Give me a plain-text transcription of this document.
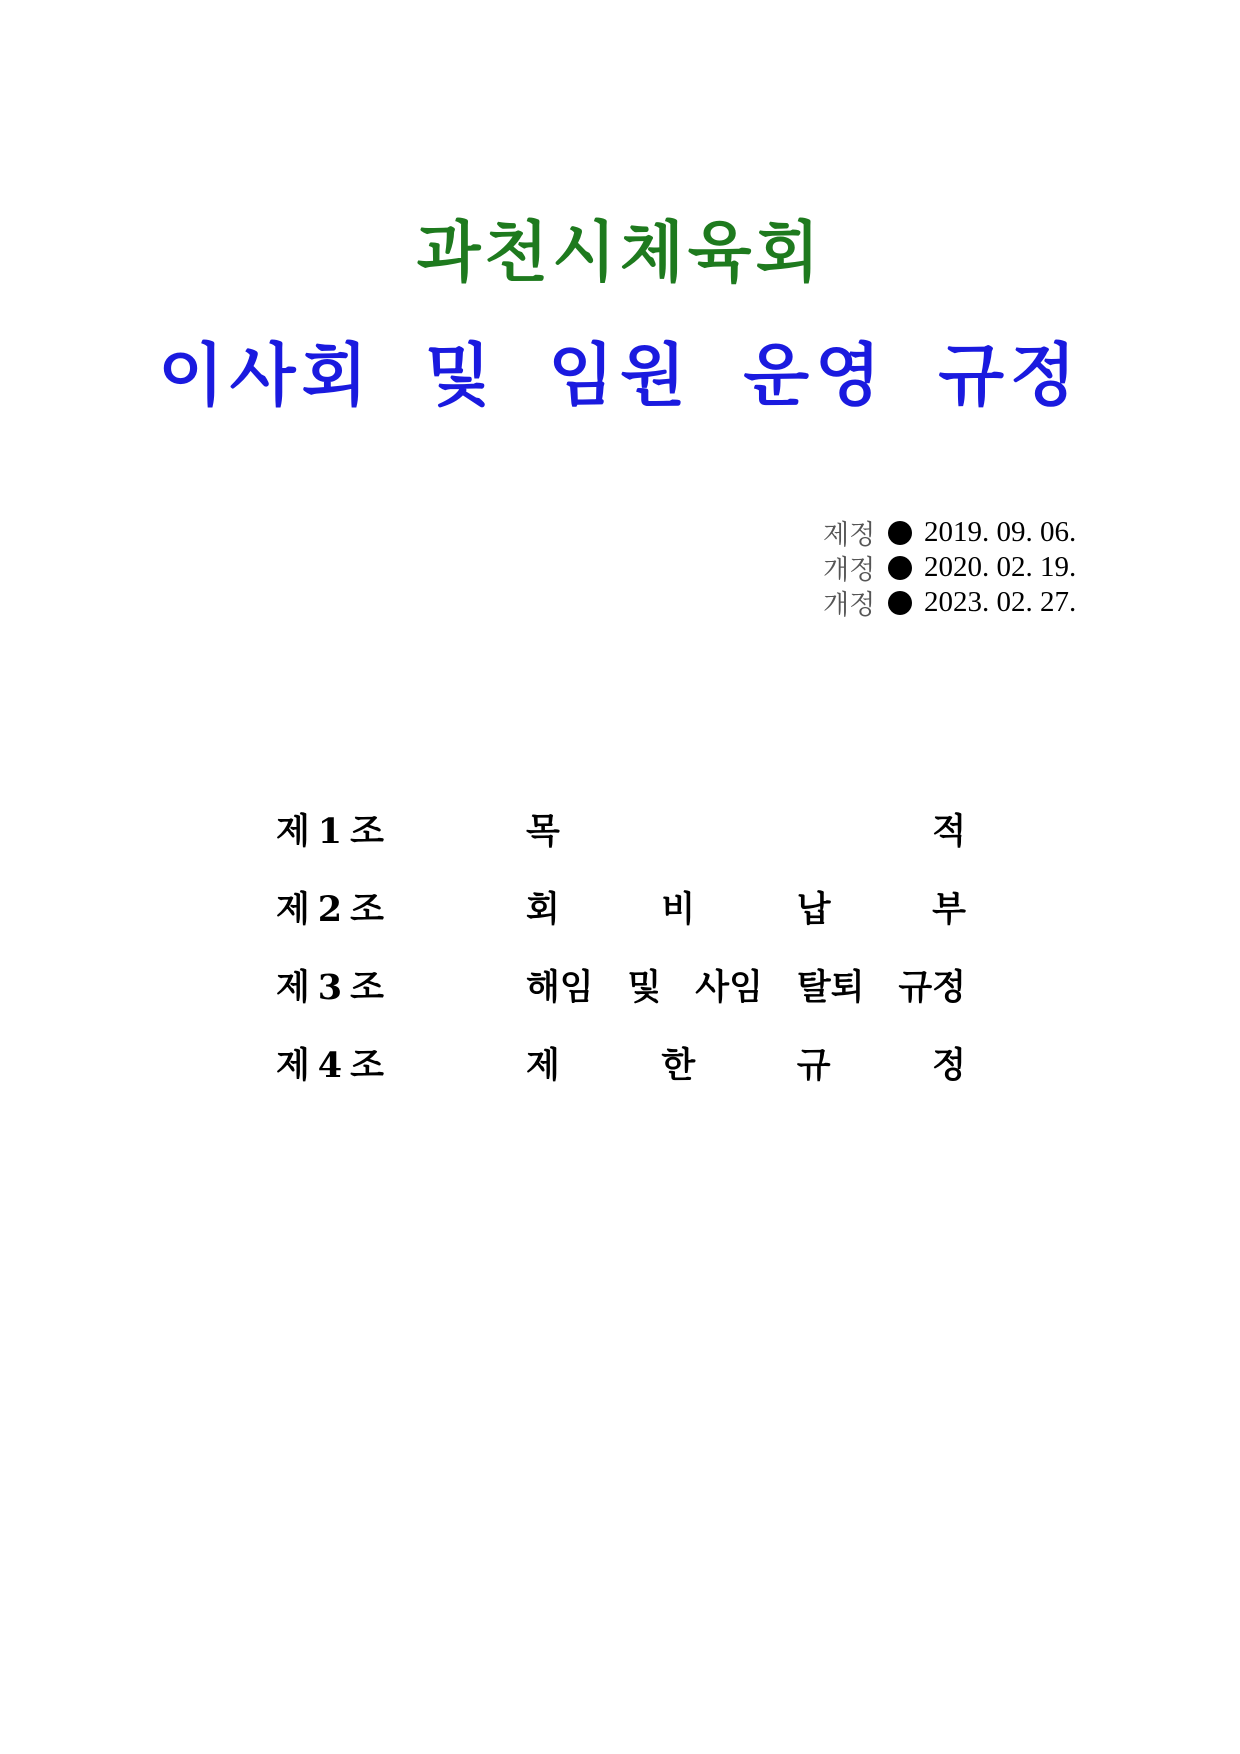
과천시체육회
이사회 및 임원 운영 규정
제정	2019. 09. 06.
개정	2020. 02. 19.
개정	2023. 02. 27.
제1조	목	적
제2조	회	비	납	부
제3조	해임 및 사임 탈퇴 규정
제4조	제	한	규	정
